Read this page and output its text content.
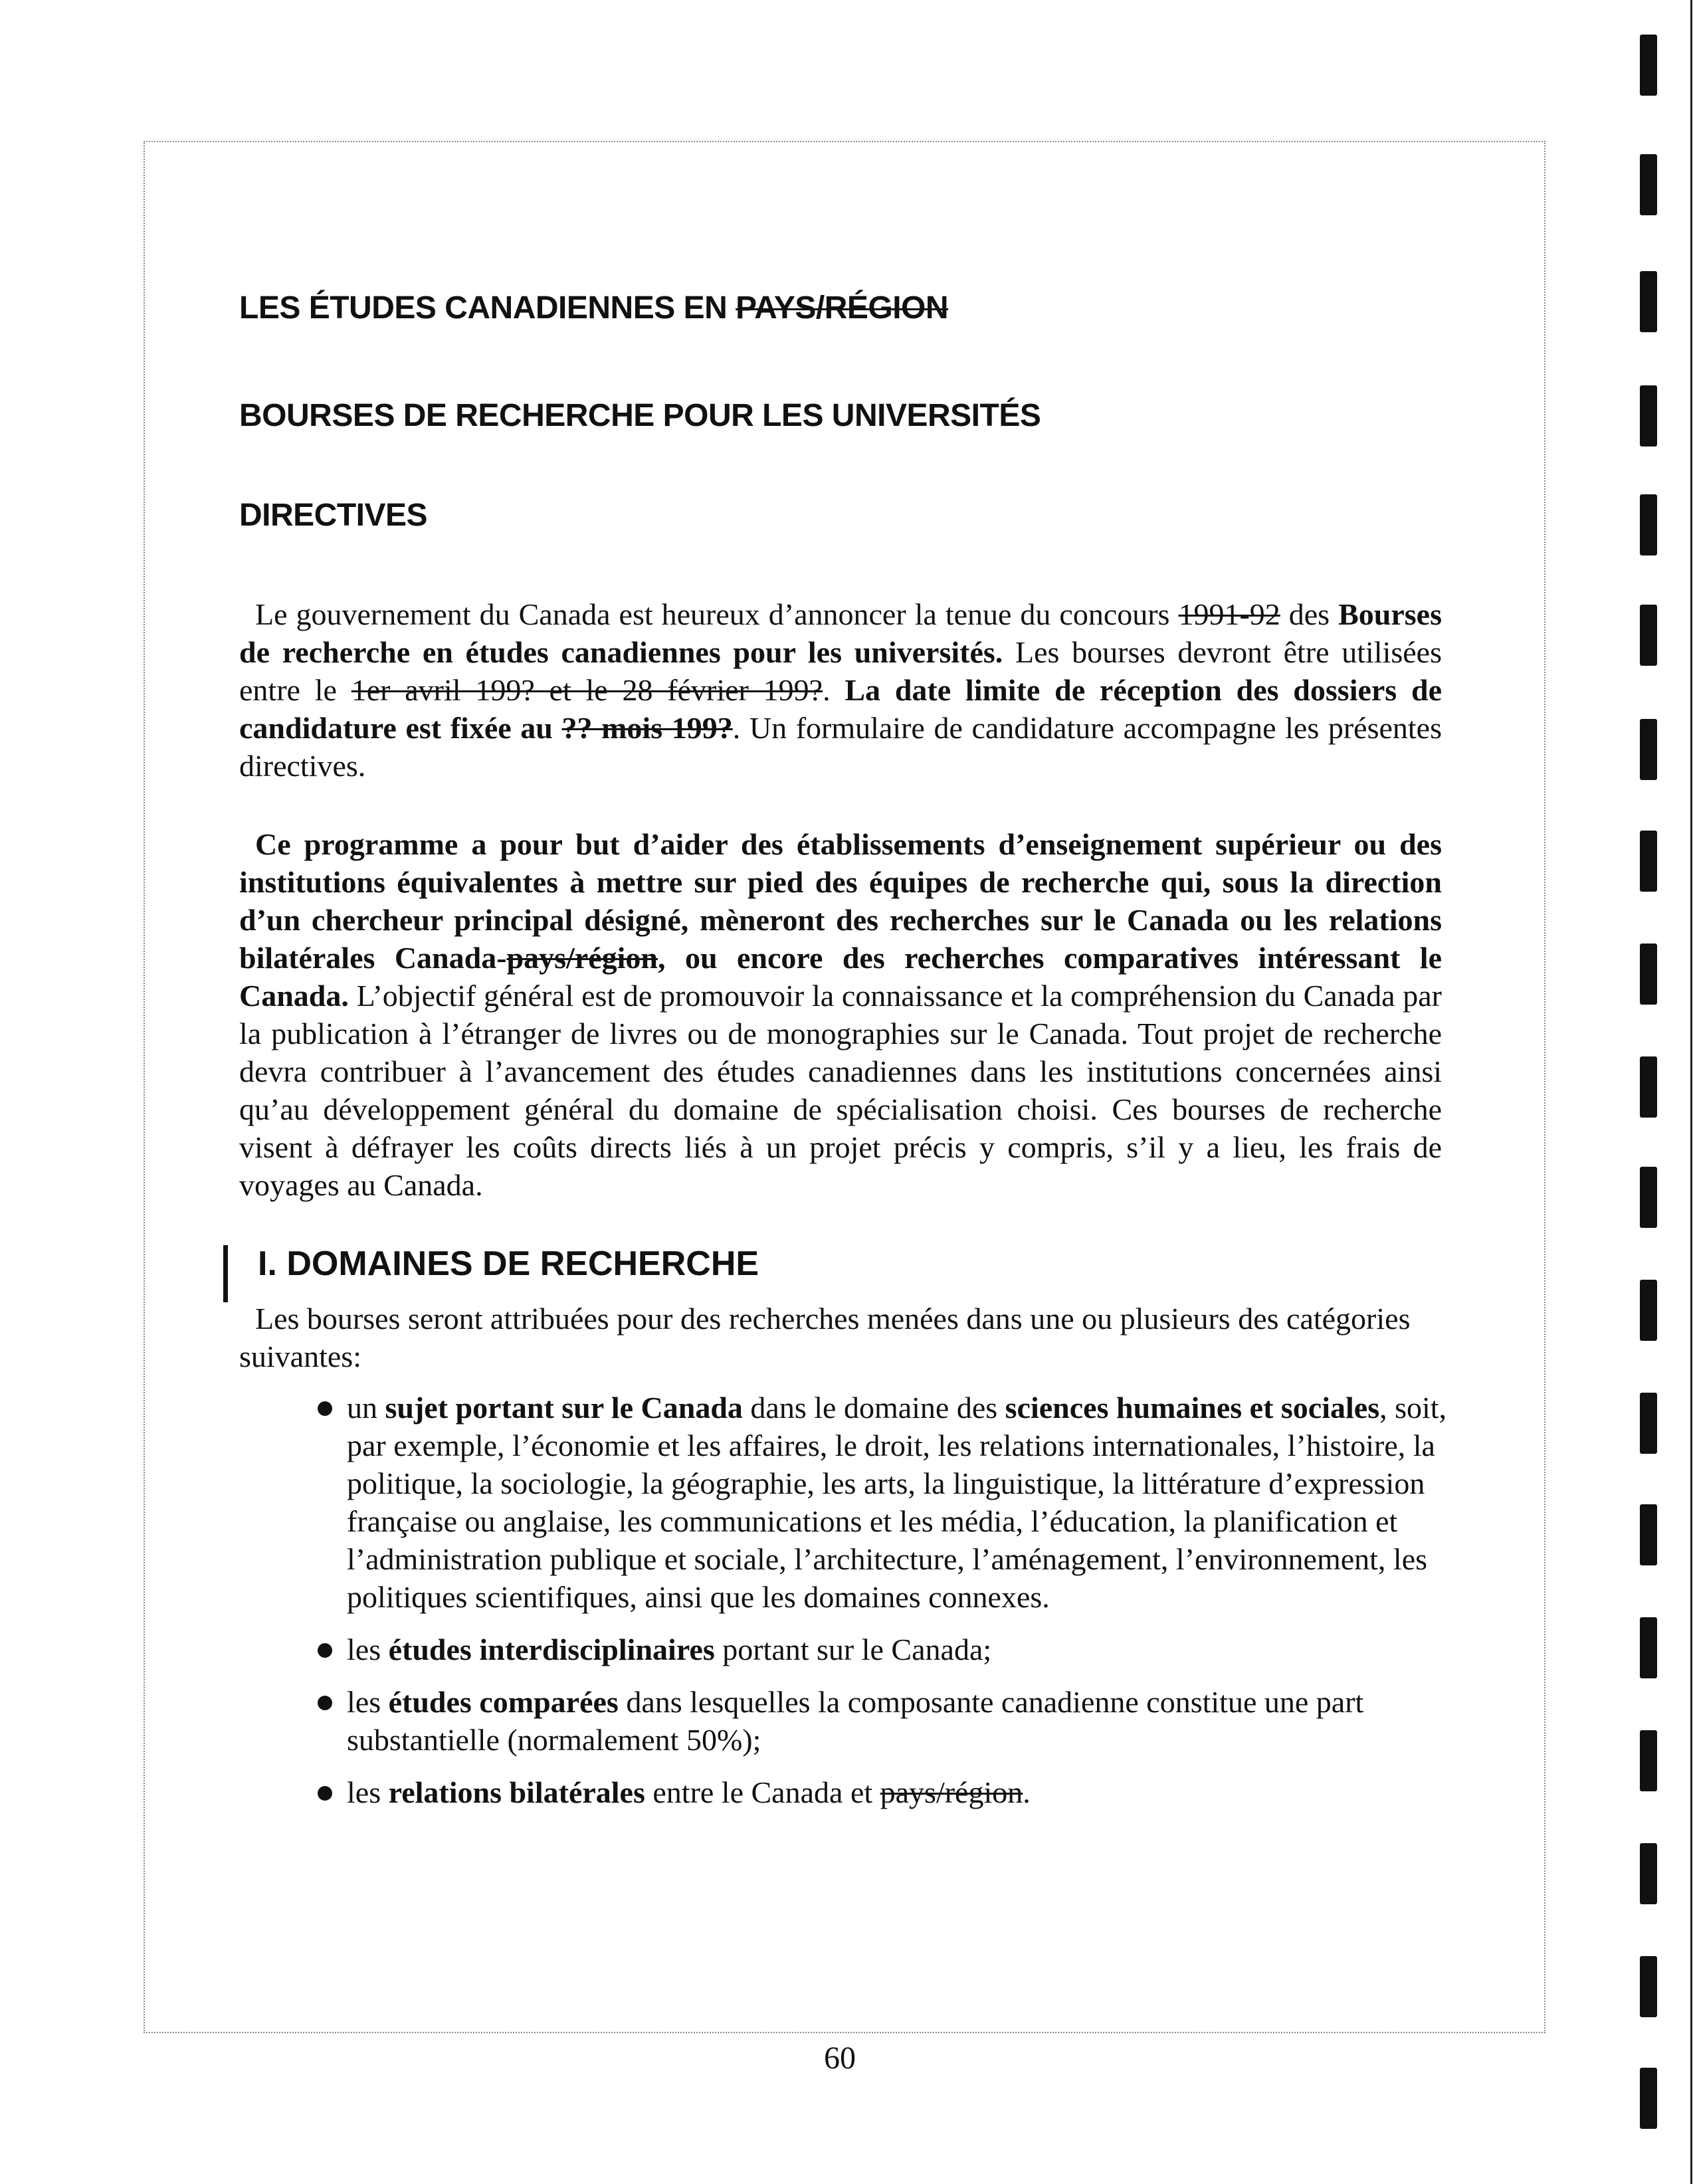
LES ÉTUDES CANADIENNES EN PAYS/RÉGION
BOURSES DE RECHERCHE POUR LES UNIVERSITÉS
DIRECTIVES

Le gouvernement du Canada est heureux d’annoncer la tenue du concours 1991-92 des Bourses de recherche en études canadiennes pour les universités. Les bourses devront être utilisées entre le 1er avril 199? et le 28 février 199?. La date limite de réception des dossiers de candidature est fixée au ?? mois 199?. Un formulaire de candidature accompagne les présentes directives.

Ce programme a pour but d’aider des établissements d’enseignement supérieur ou des institutions équivalentes à mettre sur pied des équipes de recherche qui, sous la direction d’un chercheur principal désigné, mèneront des recherches sur le Canada ou les relations bilatérales Canada-pays/région, ou encore des recherches comparatives intéressant le Canada. L’objectif général est de promouvoir la connaissance et la compréhension du Canada par la publication à l’étranger de livres ou de monographies sur le Canada. Tout projet de recherche devra contribuer à l’avancement des études canadiennes dans les institutions concernées ainsi qu’au développement général du domaine de spécialisation choisi. Ces bourses de recherche visent à défrayer les coûts directs liés à un projet précis y compris, s’il y a lieu, les frais de voyages au Canada.

I. DOMAINES DE RECHERCHE

Les bourses seront attribuées pour des recherches menées dans une ou plusieurs des catégories suivantes:

un sujet portant sur le Canada dans le domaine des sciences humaines et sociales, soit, par exemple, l’économie et les affaires, le droit, les relations internationales, l’histoire, la politique, la sociologie, la géographie, les arts, la linguistique, la littérature d’expression française ou anglaise, les communications et les média, l’éducation, la planification et l’administration publique et sociale, l’architecture, l’aménagement, l’environnement, les politiques scientifiques, ainsi que les domaines connexes.
les études interdisciplinaires portant sur le Canada;
les études comparées dans lesquelles la composante canadienne constitue une part substantielle (normalement 50%);
les relations bilatérales entre le Canada et pays/région.
60
